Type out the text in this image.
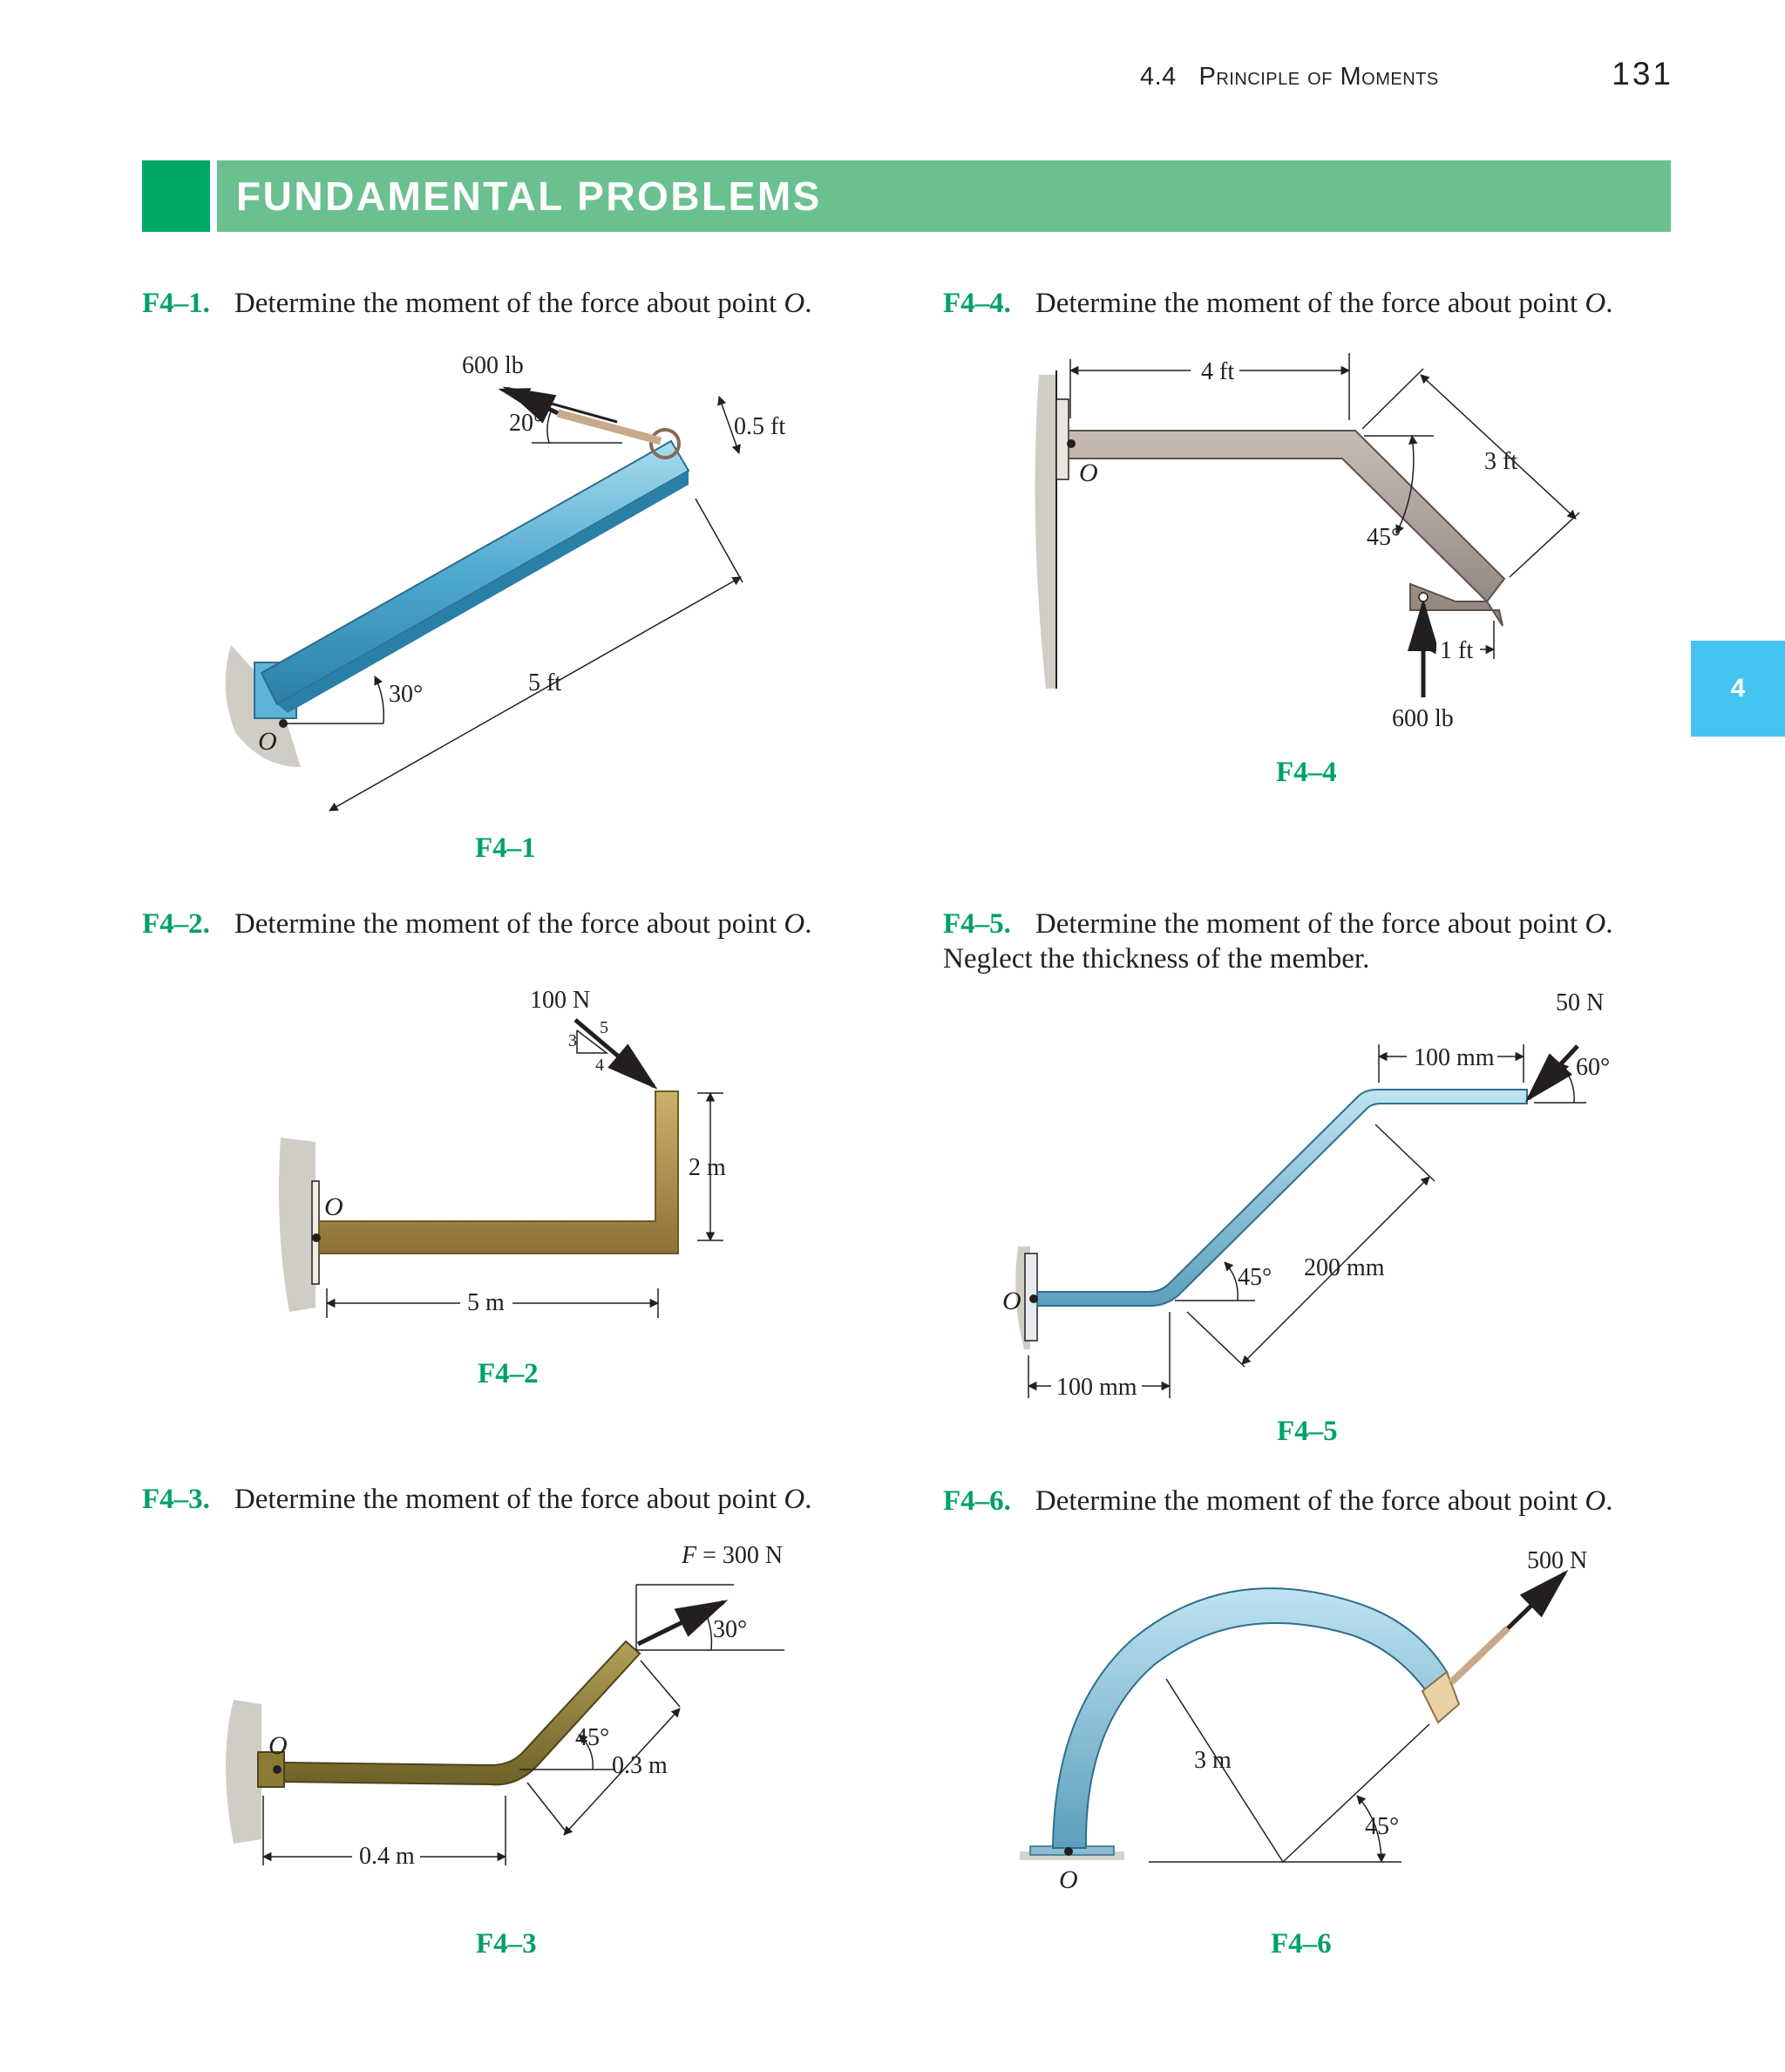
4.4 Principle of Moments	131
FUNDAMENTAL PROBLEMS
4
F4–1. Determine the moment of the force about point O.
F4–2. Determine the moment of the force about point O.
F4–3. Determine the moment of the force about point O.
F4–4. Determine the moment of the force about point O.
F4–5. Determine the moment of the force about point O.
Neglect the thickness of the member.
F4–6. Determine the moment of the force about point O.
F4–1
F4–2
F4–3
F4–4
F4–5
F4–6
600 lb
20°	0.5 ft
5 ft
30°
O
100 N
3
4
5
2 m
5 m
O
F = 300 N
30°
45°
0.3 m
0.4 m
O
4 ft
3 ft
45°
1 ft
600 lb
O
50 N
100 mm	60°
45° 200 mm
100 mm
O
500 N
3 m
45°
O
